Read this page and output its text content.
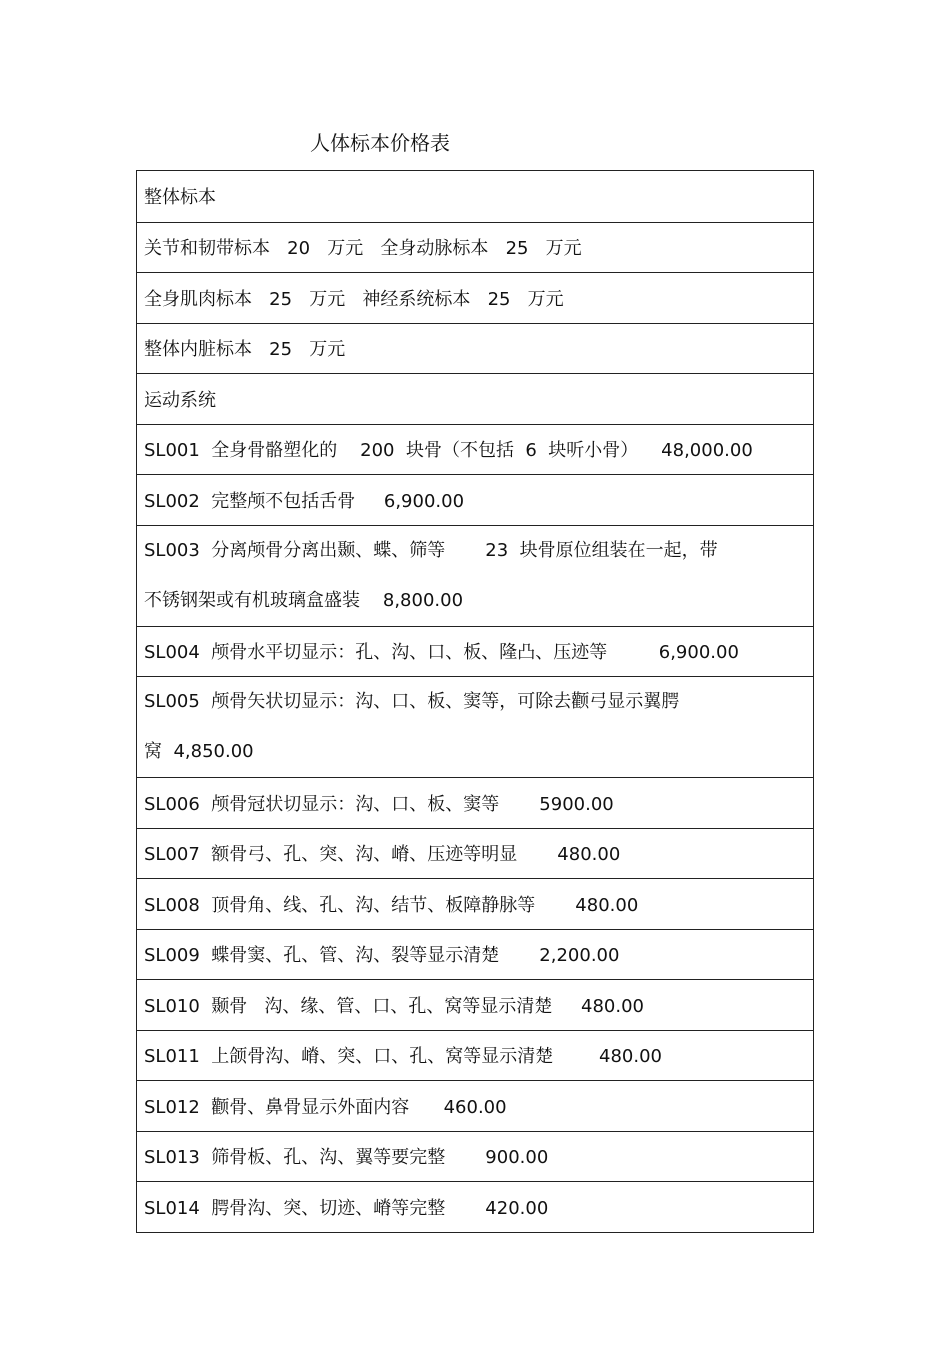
人体标本价格表
整体标本
关节和韧带标本   20   万元   全身动脉标本   25   万元
全身肌肉标本   25   万元   神经系统标本   25   万元
整体内脏标本   25   万元
运动系统
SL001  全身骨骼塑化的    200  块骨（不包括  6  块听小骨）    48,000.00
SL002  完整颅不包括舌骨     6,900.00
SL003  分离颅骨分离出颞、蝶、筛等       23  块骨原位组装在一起，带
不锈钢架或有机玻璃盒盛装    8,800.00
SL004  颅骨水平切显示：孔、沟、口、板、隆凸、压迹等         6,900.00
SL005  颅骨矢状切显示：沟、口、板、窦等，可除去颧弓显示翼腭
窝  4,850.00
SL006  颅骨冠状切显示：沟、口、板、窦等       5900.00
SL007  额骨弓、孔、突、沟、嵴、压迹等明显       480.00
SL008  顶骨角、线、孔、沟、结节、板障静脉等       480.00
SL009  蝶骨窦、孔、管、沟、裂等显示清楚       2,200.00
SL010  颞骨   沟、缘、管、口、孔、窝等显示清楚     480.00
SL011  上颌骨沟、嵴、突、口、孔、窝等显示清楚        480.00
SL012  颧骨、鼻骨显示外面内容      460.00
SL013  筛骨板、孔、沟、翼等要完整       900.00
SL014  腭骨沟、突、切迹、嵴等完整       420.00
